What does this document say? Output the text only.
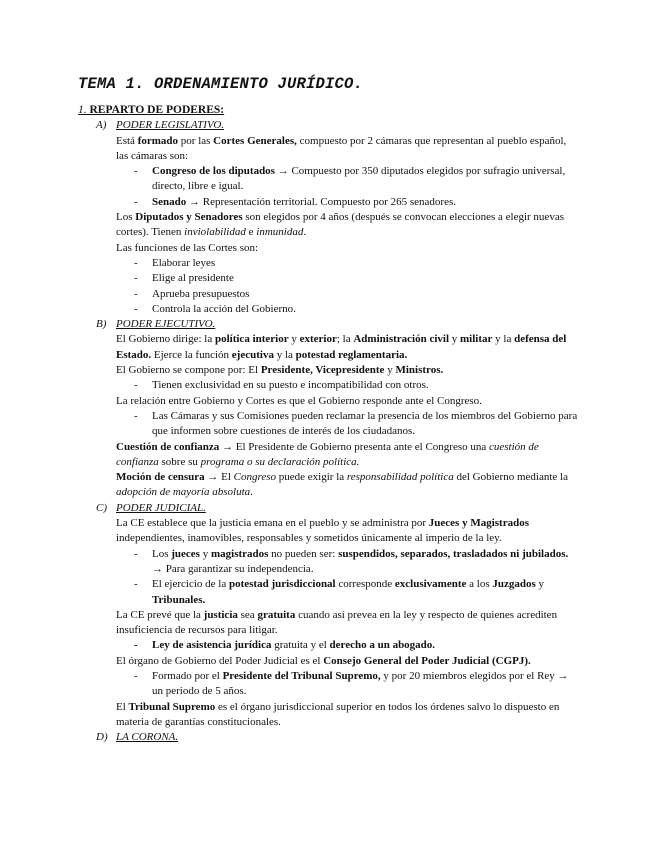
TEMA 1. ORDENAMIENTO JURÍDICO.
1. REPARTO DE PODERES:
A) PODER LEGISLATIVO.

Está formado por las Cortes Generales, compuesto por 2 cámaras que representan al pueblo español, las cámaras son:

-	Congreso de los diputados → Compuesto por 350 diputados elegidos por sufragio universal, directo, libre e igual.
-	Senado → Representación territorial. Compuesto por 265 senadores.

Los Diputados y Senadores son elegidos por 4 años (después se convocan elecciones a elegir nuevas cortes). Tienen inviolabilidad e inmunidad.

Las funciones de las Cortes son:

-	Elaborar leyes
-	Elige al presidente
-	Aprueba presupuestos
-	Controla la acción del Gobierno.
B) PODER EJECUTIVO.

El Gobierno dirige: la política interior y exterior; la Administración civil y militar y la defensa del Estado. Ejerce la función ejecutiva y la potestad reglamentaria.

El Gobierno se compone por: El Presidente, Vicepresidente y Ministros.

-	Tienen exclusividad en su puesto e incompatibilidad con otros.

La relación entre Gobierno y Cortes es que el Gobierno responde ante el Congreso.

-	Las Cámaras y sus Comisiones pueden reclamar la presencia de los miembros del Gobierno para que informen sobre cuestiones de interés de los ciudadanos.

Cuestión de confianza → El Presidente de Gobierno presenta ante el Congreso una cuestión de confianza sobre su programa o su declaración política.

Moción de censura → El Congreso puede exigir la responsabilidad política del Gobierno mediante la adopción de mayoría absoluta.

C) PODER JUDICIAL.

La CE establece que la justicia emana en el pueblo y se administra por Jueces y Magistrados independientes, inamovibles, responsables y sometidos únicamente al imperio de la ley.

-	Los jueces y magistrados no pueden ser: suspendidos, separados, trasladados ni jubilados. → Para garantizar su independencia.
-	El ejercicio de la potestad jurisdiccional corresponde exclusivamente a los Juzgados y Tribunales.

La CE prevé que la justicia sea gratuita cuando así prevea en la ley y respecto de quienes acrediten insuficiencia de recursos para litigar.

-	Ley de asistencia jurídica gratuita y el derecho a un abogado.

El órgano de Gobierno del Poder Judicial es el Consejo General del Poder Judicial (CGPJ).

-	Formado por el Presidente del Tribunal Supremo, y por 20 miembros elegidos por el Rey → un periodo de 5 años.

El Tribunal Supremo es el órgano jurisdiccional superior en todos los órdenes salvo lo dispuesto en materia de garantías constitucionales.

D) LA CORONA.
